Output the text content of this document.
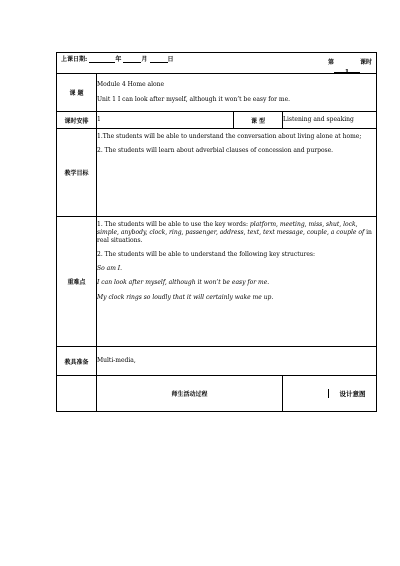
上课日期: 年 月 日 第1课时			

课 题	Module 4 Home alone

Unit 1 I can look after myself, although it won’t be easy for me.		

课时安排	1	课 型	Listening and speaking
教学目标	1.The students will be able to understand the conversation about living alone at home;

2. The students will learn about adverbial clauses of concession and purpose.		

重难点	1. The students will be able to use the key words: platform, meeting, miss, shut, lock, simple, anybody, clock, ring, passenger, address, text, text message, couple, a couple of in real situations.

2. The students will be able to understand the following key structures:

So am I.

I can look after myself, although it won’t be easy for me.

My clock rings so loudly that it will certainly wake me up.		

教具准备	Multi-media,		
	师生活动过程		设计意图
